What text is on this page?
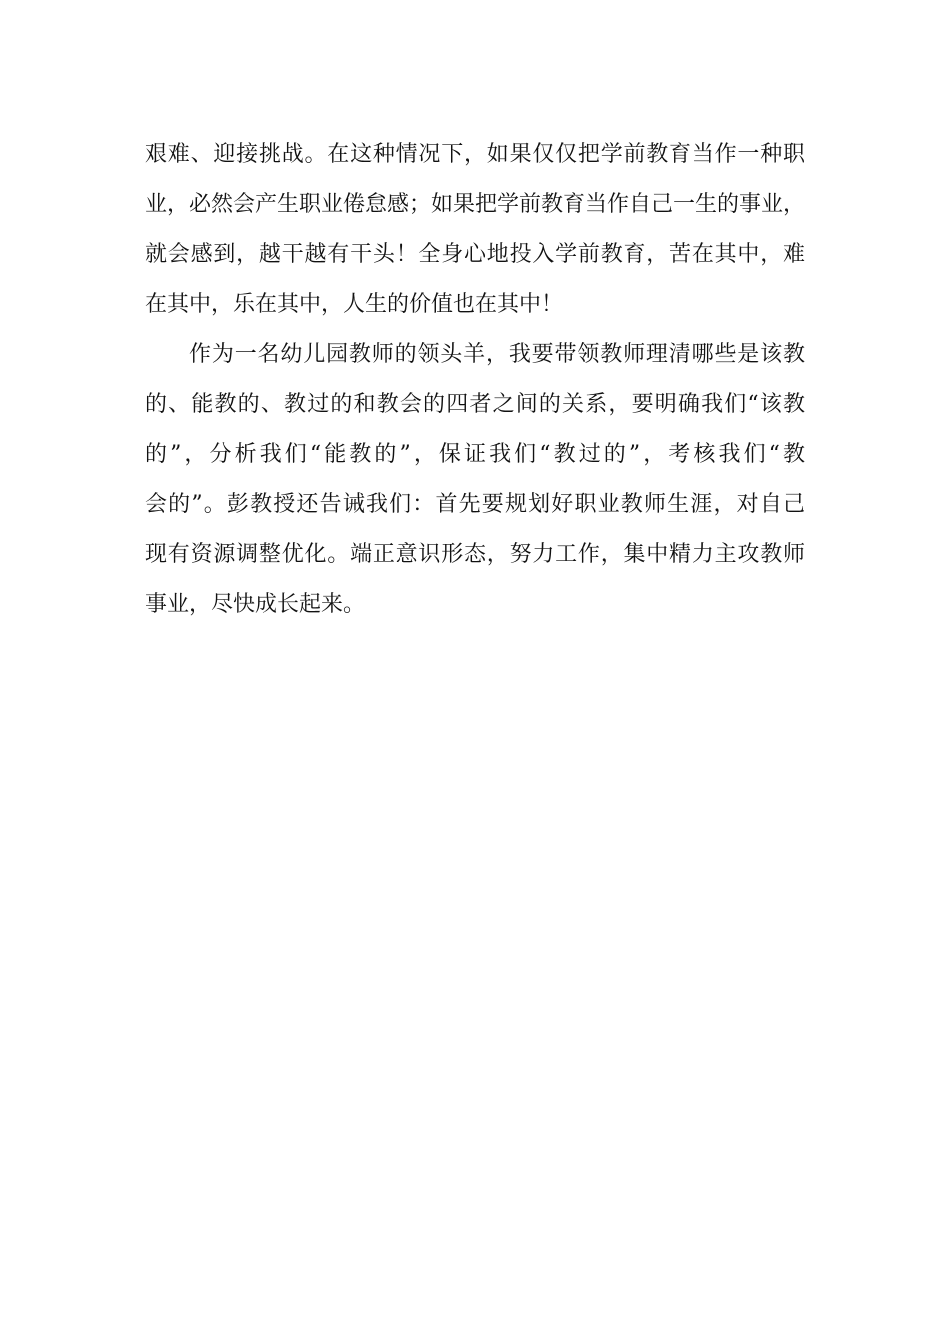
艰难、迎接挑战。在这种情况下，如果仅仅把学前教育当作一种职
业，必然会产生职业倦怠感；如果把学前教育当作自己一生的事业，
就会感到，越干越有干头！全身心地投入学前教育，苦在其中，难
在其中，乐在其中，人生的价值也在其中！
作为一名幼儿园教师的领头羊，我要带领教师理清哪些是该教
的、能教的、教过的和教会的四者之间的关系，要明确我们“该教
的”，分析我们“能教的”，保证我们“教过的”，考核我们“教
会的”。彭教授还告诫我们：首先要规划好职业教师生涯，对自己
现有资源调整优化。端正意识形态，努力工作，集中精力主攻教师
事业，尽快成长起来。
